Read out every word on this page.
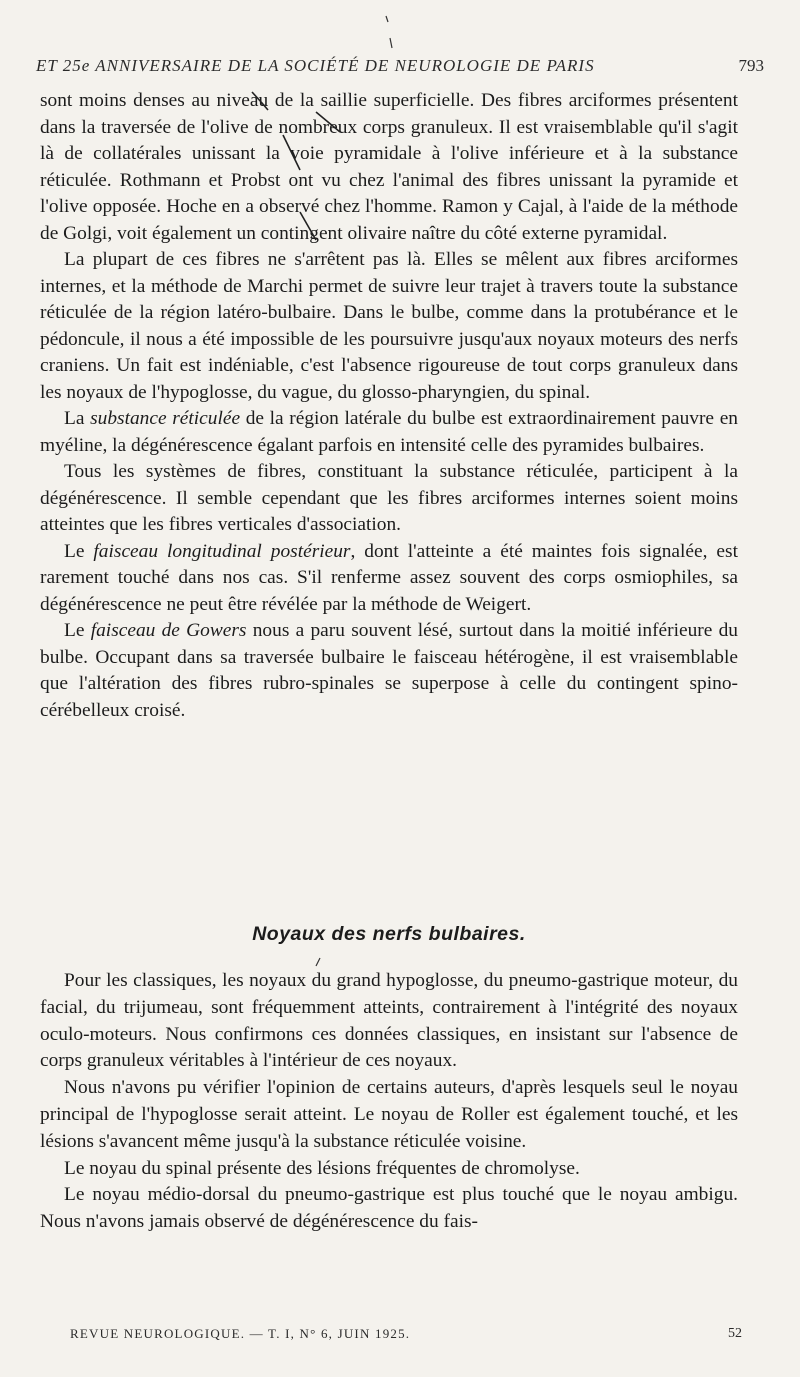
ET 25e ANNIVERSAIRE DE LA SOCIÉTÉ DE NEUROLOGIE DE PARIS	793

sont moins denses au niveau de la saillie superficielle. Des fibres arciformes présentent dans la traversée de l'olive de nombreux corps granuleux. Il est vraisemblable qu'il s'agit là de collatérales unissant la voie pyramidale à l'olive inférieure et à la substance réticulée. Rothmann et Probst ont vu chez l'animal des fibres unissant la pyramide et l'olive opposée. Hoche en a observé chez l'homme. Ramon y Cajal, à l'aide de la méthode de Golgi, voit également un contingent olivaire naître du côté externe pyramidal.

La plupart de ces fibres ne s'arrêtent pas là. Elles se mêlent aux fibres arciformes internes, et la méthode de Marchi permet de suivre leur trajet à travers toute la substance réticulée de la région latéro-bulbaire. Dans le bulbe, comme dans la protubérance et le pédoncule, il nous a été impossible de les poursuivre jusqu'aux noyaux moteurs des nerfs craniens. Un fait est indéniable, c'est l'absence rigoureuse de tout corps granuleux dans les noyaux de l'hypoglosse, du vague, du glosso-pharyngien, du spinal.

La substance réticulée de la région latérale du bulbe est extraordinairement pauvre en myéline, la dégénérescence égalant parfois en intensité celle des pyramides bulbaires.

Tous les systèmes de fibres, constituant la substance réticulée, participent à la dégénérescence. Il semble cependant que les fibres arciformes internes soient moins atteintes que les fibres verticales d'association.

Le faisceau longitudinal postérieur, dont l'atteinte a été maintes fois signalée, est rarement touché dans nos cas. S'il renferme assez souvent des corps osmiophiles, sa dégénérescence ne peut être révélée par la méthode de Weigert.

Le faisceau de Gowers nous a paru souvent lésé, surtout dans la moitié inférieure du bulbe. Occupant dans sa traversée bulbaire le faisceau hétérogène, il est vraisemblable que l'altération des fibres rubro-spinales se superpose à celle du contingent spino-cérébelleux croisé.

Noyaux des nerfs bulbaires.

Pour les classiques, les noyaux du grand hypoglosse, du pneumo-gastrique moteur, du facial, du trijumeau, sont fréquemment atteints, contrairement à l'intégrité des noyaux oculo-moteurs. Nous confirmons ces données classiques, en insistant sur l'absence de corps granuleux véritables à l'intérieur de ces noyaux.

Nous n'avons pu vérifier l'opinion de certains auteurs, d'après lesquels seul le noyau principal de l'hypoglosse serait atteint. Le noyau de Roller est également touché, et les lésions s'avancent même jusqu'à la substance réticulée voisine.

Le noyau du spinal présente des lésions fréquentes de chromolyse.

Le noyau médio-dorsal du pneumo-gastrique est plus touché que le noyau ambigu. Nous n'avons jamais observé de dégénérescence du fais-

REVUE NEUROLOGIQUE. — T. I, N° 6, JUIN 1925.	52
